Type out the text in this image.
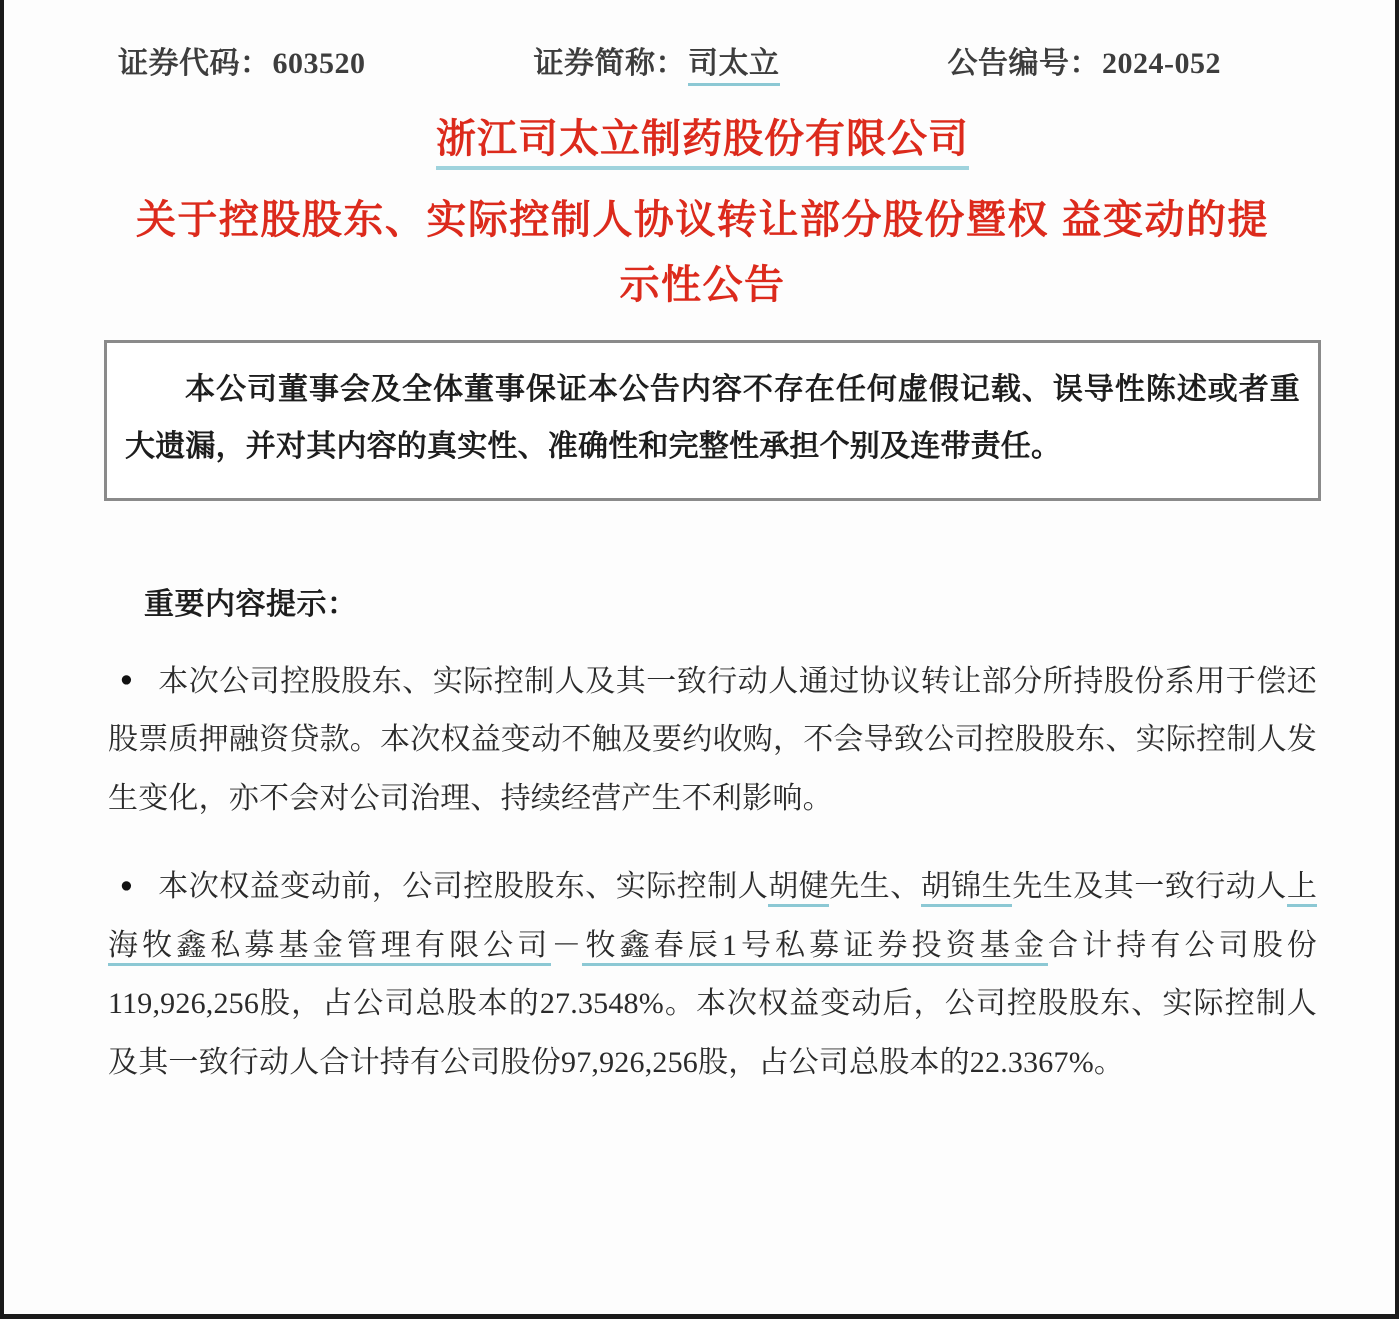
证券代码： 603520	证券简称： 司太立	公告编号： 2024-052
浙江司太立制药股份有限公司
关于控股股东、实际控制人协议转让部分股份暨权 益变动的提示性公告
本公司董事会及全体董事保证本公告内容不存在任何虚假记载、误导性陈述或者重大遗漏，并对其内容的真实性、准确性和完整性承担个别及连带责任。
重要内容提示：

● 本次公司控股股东、实际控制人及其一致行动人通过协议转让部分所持股份系用于偿还股票质押融资贷款。本次权益变动不触及要约收购，不会导致公司控股股东、实际控制人发生变化，亦不会对公司治理、持续经营产生不利影响。

● 本次权益变动前，公司控股股东、实际控制人胡健先生、胡锦生先生及其一致行动人上海牧鑫私募基金管理有限公司－牧鑫春辰1号私募证券投资基金合计持有公司股份119,926,256股，占公司总股本的27.3548%。本次权益变动后，公司控股股东、实际控制人及其一致行动人合计持有公司股份97,926,256股，占公司总股本的22.3367%。
